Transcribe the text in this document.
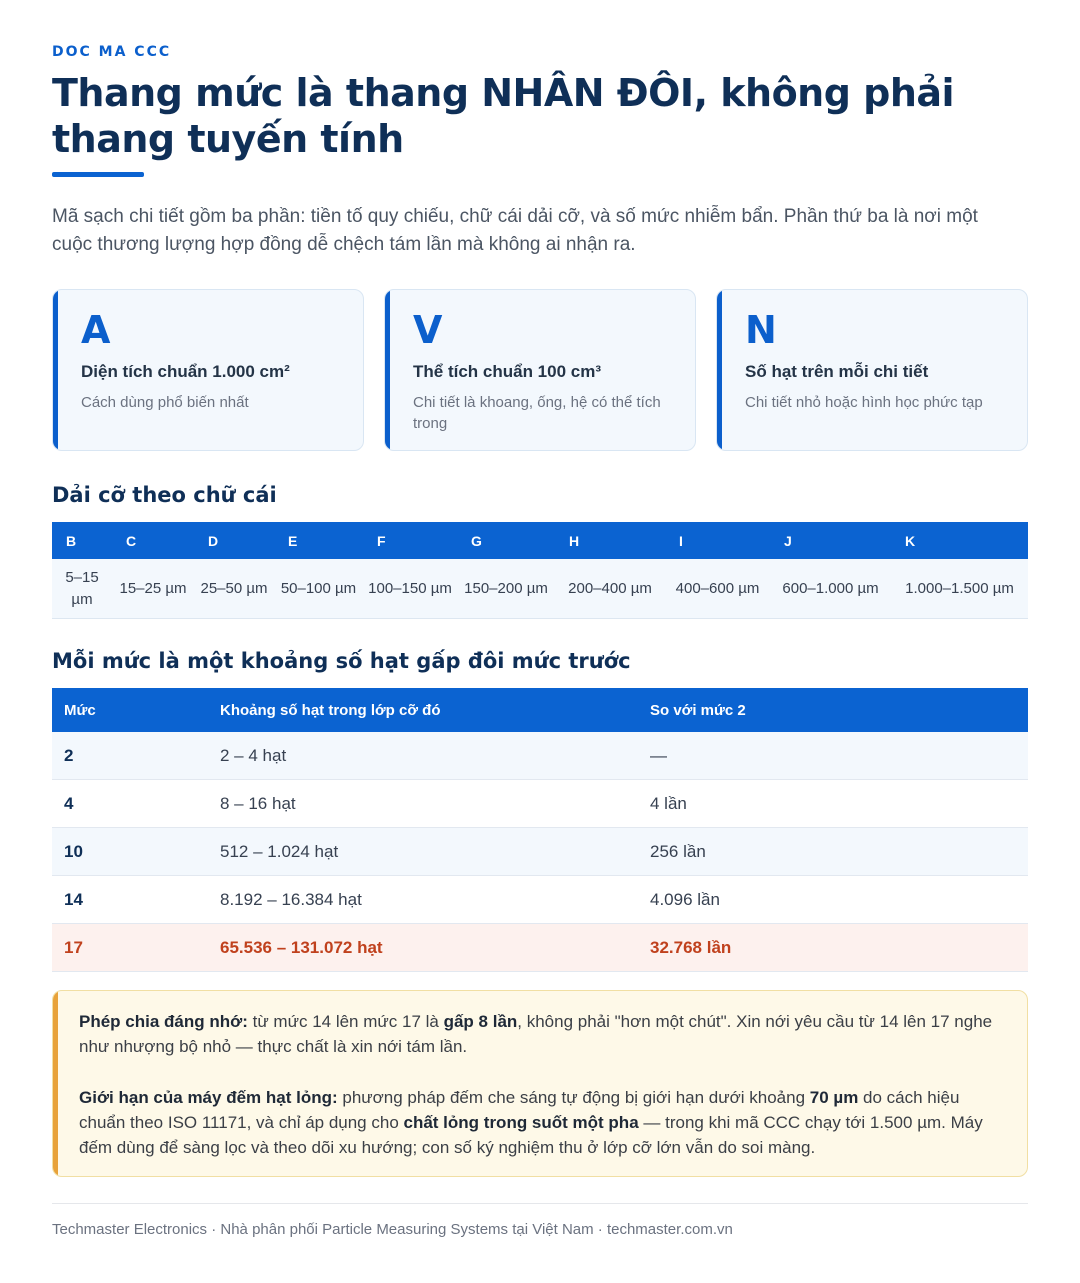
DOC MA CCC

Thang mức là thang NHÂN ĐÔI, không phải thang tuyến tính

Mã sạch chi tiết gồm ba phần: tiền tố quy chiếu, chữ cái dải cỡ, và số mức nhiễm bẩn. Phần thứ ba là nơi một cuộc thương lượng hợp đồng dễ chệch tám lần mà không ai nhận ra.

A
Diện tích chuẩn 1.000 cm²
Cách dùng phổ biến nhất
V
Thể tích chuẩn 100 cm³
Chi tiết là khoang, ống, hệ có thể tích trong
N
Số hạt trên mỗi chi tiết
Chi tiết nhỏ hoặc hình học phức tạp
Dải cỡ theo chữ cái
B	C	D	E	F	G	H	I	J	K
5–15 µm	15–25 µm	25–50 µm	50–100 µm	100–150 µm	150–200 µm	200–400 µm	400–600 µm	600–1.000 µm	1.000–1.500 µm
Mỗi mức là một khoảng số hạt gấp đôi mức trước
Mức	Khoảng số hạt trong lớp cỡ đó	So với mức 2
2	2 – 4 hạt	—
4	8 – 16 hạt	4 lần
10	512 – 1.024 hạt	256 lần
14	8.192 – 16.384 hạt	4.096 lần
17	65.536 – 131.072 hạt	32.768 lần

Phép chia đáng nhớ: từ mức 14 lên mức 17 là gấp 8 lần, không phải "hơn một chút". Xin nới yêu cầu từ 14 lên 17 nghe như nhượng bộ nhỏ — thực chất là xin nới tám lần.

Giới hạn của máy đếm hạt lỏng: phương pháp đếm che sáng tự động bị giới hạn dưới khoảng 70 µm do cách hiệu chuẩn theo ISO 11171, và chỉ áp dụng cho chất lỏng trong suốt một pha — trong khi mã CCC chạy tới 1.500 µm. Máy đếm dùng để sàng lọc và theo dõi xu hướng; con số ký nghiệm thu ở lớp cỡ lớn vẫn do soi màng.

Techmaster Electronics · Nhà phân phối Particle Measuring Systems tại Việt Nam · techmaster.com.vn
